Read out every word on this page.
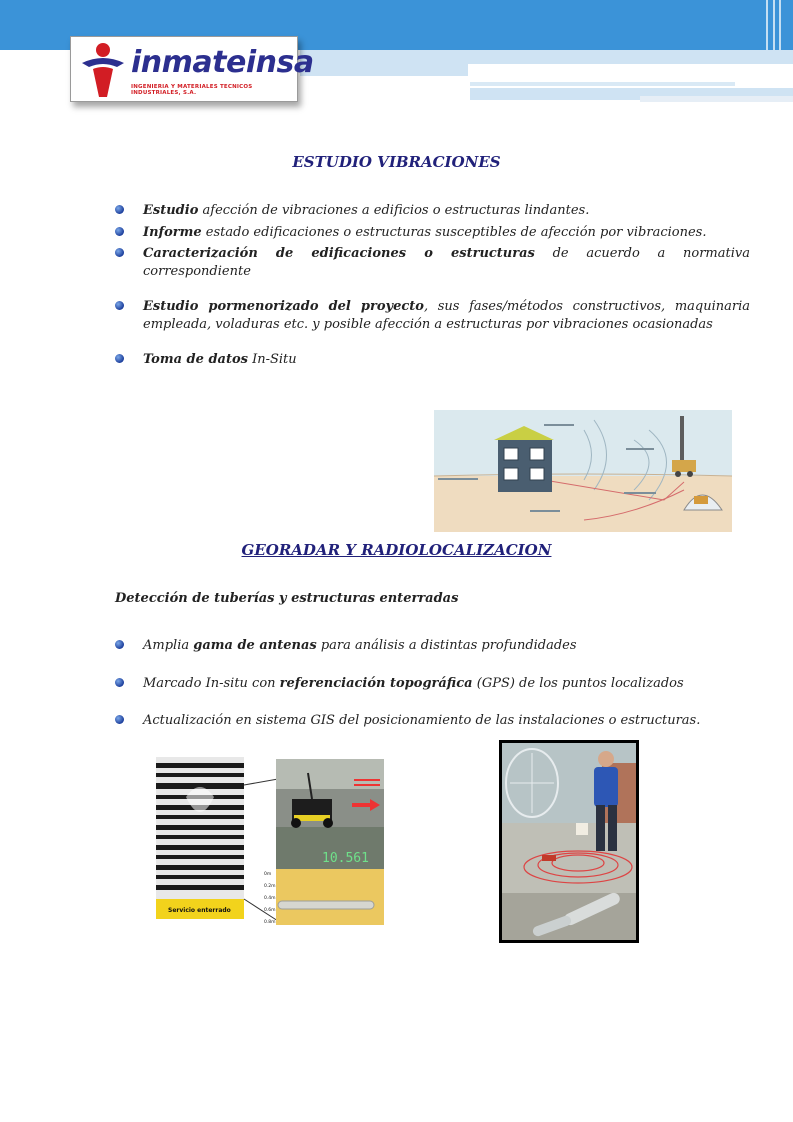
inmateinsa
INGENIERIA Y MATERIALES TECNICOS INDUSTRIALES, S.A.
ESTUDIO VIBRACIONES
Estudio afección de vibraciones a edificios o estructuras lindantes.
Informe estado edificaciones o estructuras susceptibles de afección por vibraciones.
Caracterización de edificaciones o estructuras de acuerdo a normativa correspondiente
Estudio pormenorizado del proyecto, sus fases/métodos constructivos, maquinaria empleada, voladuras etc. y posible afección a estructuras por vibraciones ocasionadas
Toma de datos In-Situ
GEORADAR Y RADIOLOCALIZACION
Detección de tuberías y estructuras enterradas
Amplia gama de antenas para análisis a distintas profundidades
Marcado In-situ con referenciación topográfica (GPS) de los puntos localizados
Actualización en sistema GIS del posicionamiento de las instalaciones o estructuras.
Servicio enterrado
10.561
0m
0.2m
0.4m
0.6m
0.8m
